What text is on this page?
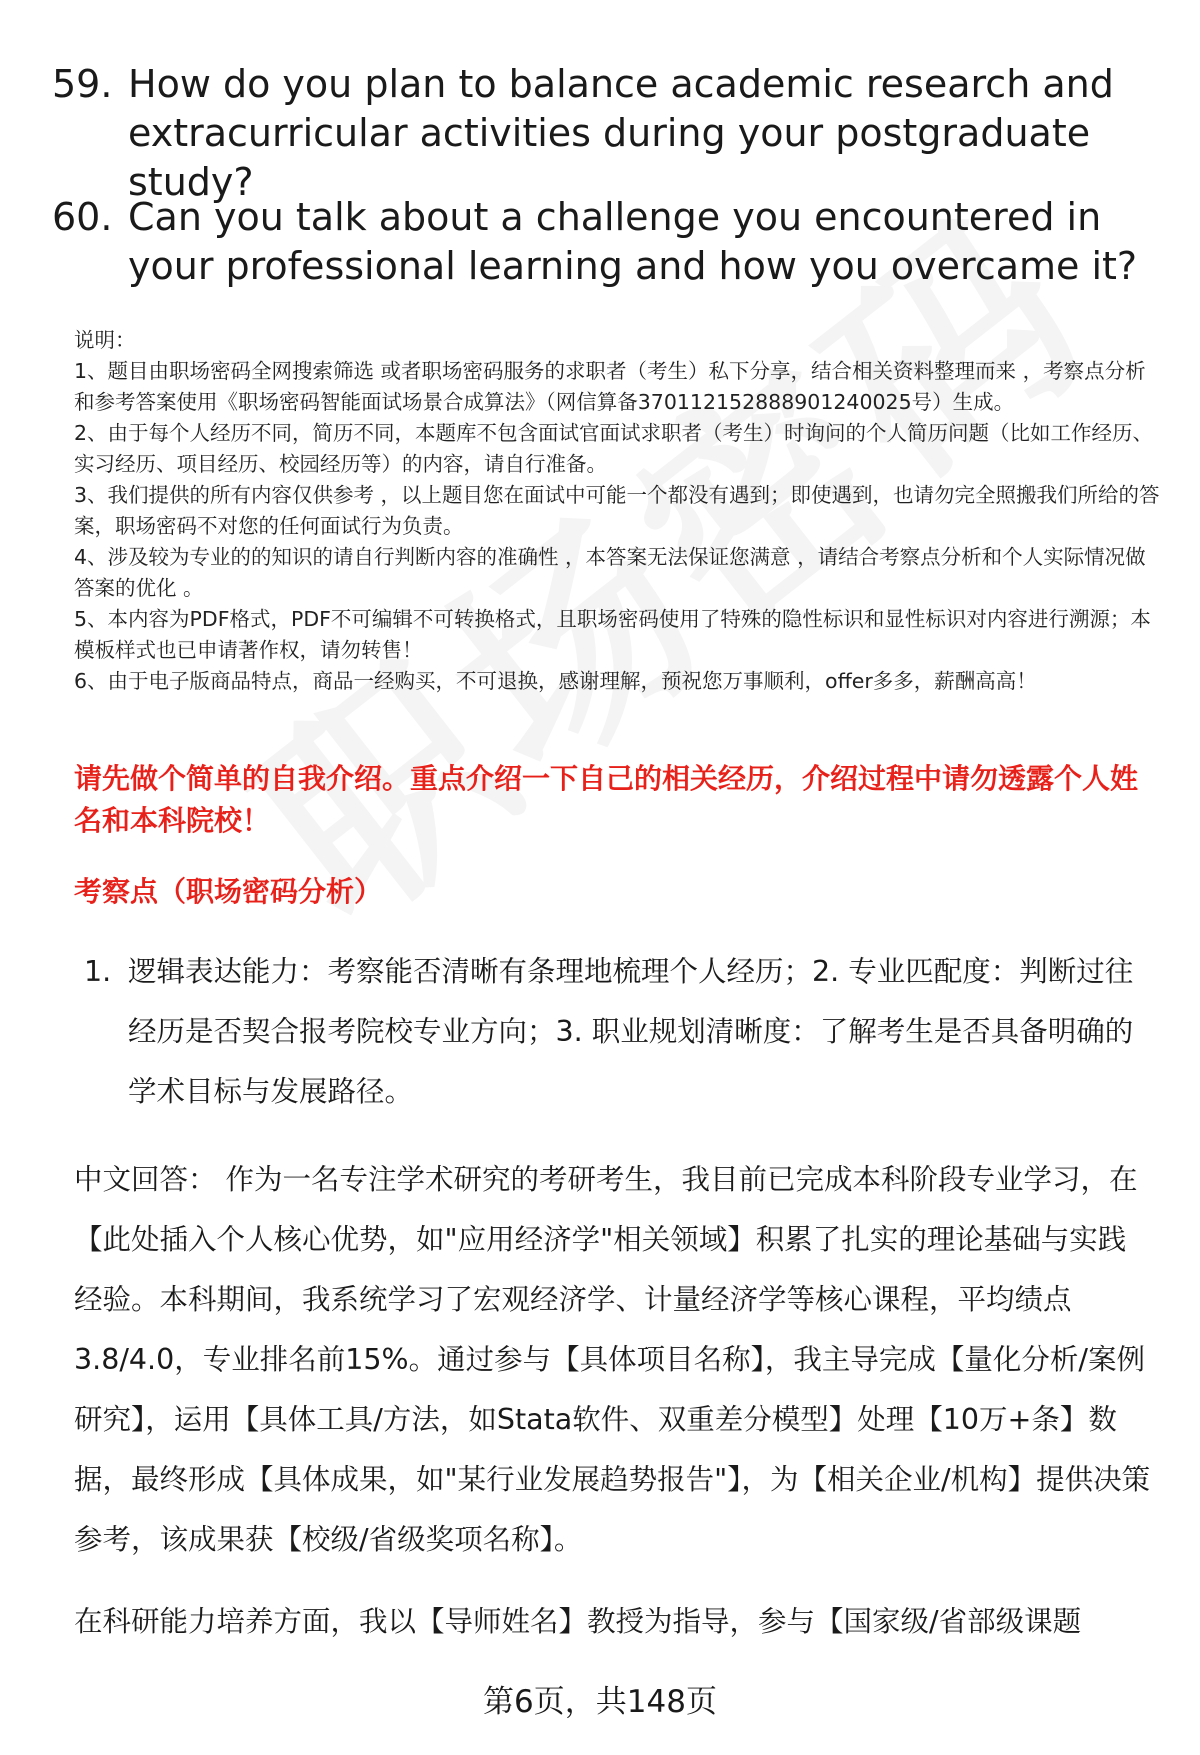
59. How do you plan to balance academic research and extracurricular activities during your postgraduate study?
60. Can you talk about a challenge you encountered in your professional learning and how you overcame it?
说明：
1、题目由职场密码全网搜索筛选 或者职场密码服务的求职者（考生）私下分享，结合相关资料整理而来 ，考察点分析和参考答案使用《职场密码智能面试场景合成算法》（网信算备370112152888901240025号）生成。
2、由于每个人经历不同，简历不同，本题库不包含面试官面试求职者（考生）时询问的个人简历问题（比如工作经历、实习经历、项目经历、校园经历等）的内容，请自行准备。
3、我们提供的所有内容仅供参考 ，以上题目您在面试中可能一个都没有遇到；即使遇到，也请勿完全照搬我们所给的答案，职场密码不对您的任何面试行为负责。
4、涉及较为专业的的知识的请自行判断内容的准确性 ，本答案无法保证您满意 ，请结合考察点分析和个人实际情况做答案的优化 。
5、本内容为PDF格式，PDF不可编辑不可转换格式，且职场密码使用了特殊的隐性标识和显性标识对内容进行溯源；本模板样式也已申请著作权，请勿转售！
6、由于电子版商品特点，商品一经购买，不可退换，感谢理解，预祝您万事顺利，offer多多，薪酬高高！
请先做个简单的自我介绍。重点介绍一下自己的相关经历，介绍过程中请勿透露个人姓名和本科院校！
考察点（职场密码分析）
1. 逻辑表达能力：考察能否清晰有条理地梳理个人经历；2. 专业匹配度：判断过往经历是否契合报考院校专业方向；3. 职业规划清晰度：了解考生是否具备明确的学术目标与发展路径。
中文回答： 作为一名专注学术研究的考研考生，我目前已完成本科阶段专业学习，在【此处插入个人核心优势，如"应用经济学"相关领域】积累了扎实的理论基础与实践经验。本科期间，我系统学习了宏观经济学、计量经济学等核心课程，平均绩点3.8/4.0，专业排名前15%。通过参与【具体项目名称】，我主导完成【量化分析/案例研究】，运用【具体工具/方法，如Stata软件、双重差分模型】处理【10万+条】数据，最终形成【具体成果，如"某行业发展趋势报告"】，为【相关企业/机构】提供决策参考，该成果获【校级/省级奖项名称】。
在科研能力培养方面，我以【导师姓名】教授为指导，参与【国家级/省部级课题
第6页，共148页
